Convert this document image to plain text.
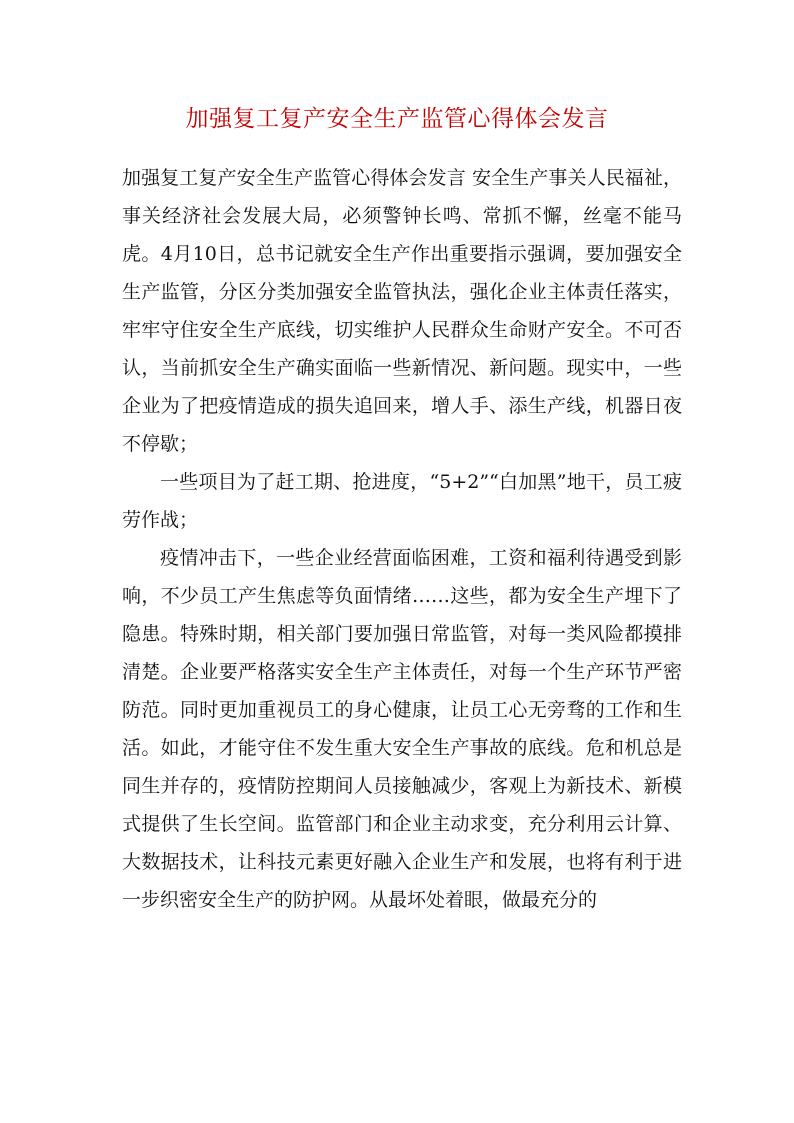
加强复工复产安全生产监管心得体会发言

加强复工复产安全生产监管心得体会发言 安全生产事关人民福祉，事关经济社会发展大局，必须警钟长鸣、常抓不懈，丝毫不能马虎。4月10日，总书记就安全生产作出重要指示强调，要加强安全生产监管，分区分类加强安全监管执法，强化企业主体责任落实，牢牢守住安全生产底线，切实维护人民群众生命财产安全。不可否认，当前抓安全生产确实面临一些新情况、新问题。现实中，一些企业为了把疫情造成的损失追回来，增人手、添生产线，机器日夜不停歇；

一些项目为了赶工期、抢进度，“5+2”“白加黑”地干，员工疲劳作战；

疫情冲击下，一些企业经营面临困难，工资和福利待遇受到影响，不少员工产生焦虑等负面情绪……这些，都为安全生产埋下了隐患。特殊时期，相关部门要加强日常监管，对每一类风险都摸排清楚。企业要严格落实安全生产主体责任，对每一个生产环节严密防范。同时更加重视员工的身心健康，让员工心无旁骛的工作和生活。如此，才能守住不发生重大安全生产事故的底线。危和机总是同生并存的，疫情防控期间人员接触减少，客观上为新技术、新模式提供了生长空间。监管部门和企业主动求变，充分利用云计算、大数据技术，让科技元素更好融入企业生产和发展，也将有利于进一步织密安全生产的防护网。从最坏处着眼，做最充分的
